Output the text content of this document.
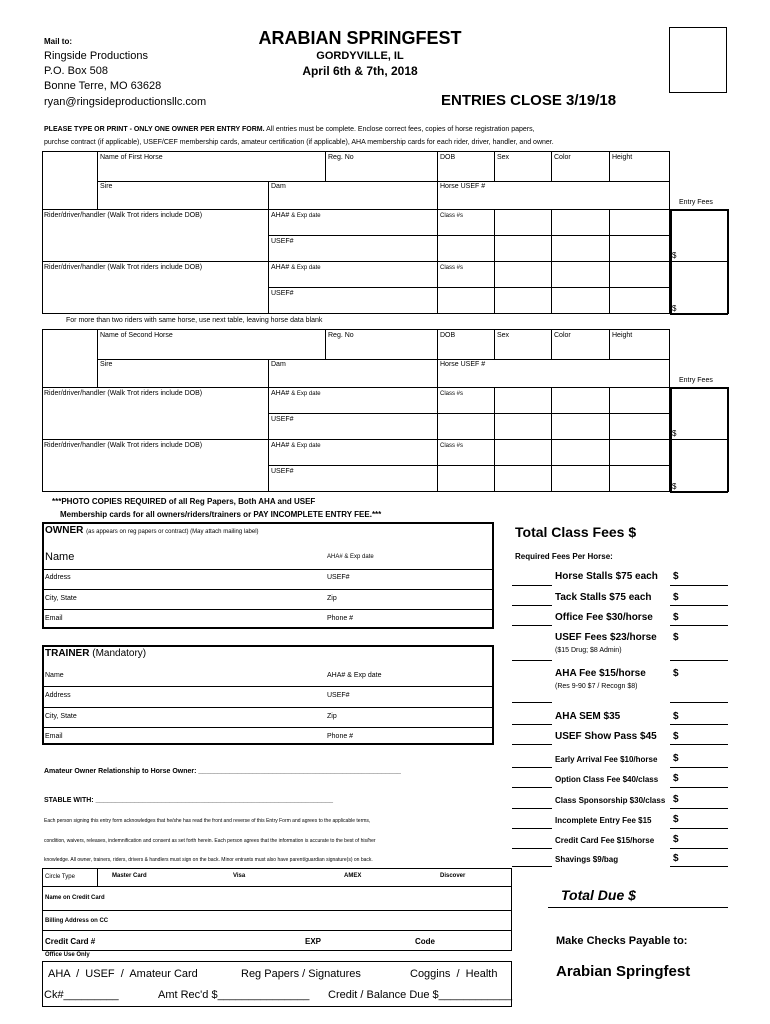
Mail to:
Ringside Productions
P.O. Box 508
Bonne Terre, MO 63628
ryan@ringsideproductionsllc.com
ARABIAN SPRINGFEST
GORDYVILLE, IL
April 6th & 7th, 2018
ENTRIES CLOSE 3/19/18
PLEASE TYPE OR PRINT - ONLY ONE OWNER PER ENTRY FORM. All entries must be complete. Enclose correct fees, copies of horse registration papers,
purchse contract (if applicable), USEF/CEF membership cards, amateur certification (if applicable), AHA membership cards for each rider, driver, handler, and owner.
Name of First Horse	Reg. No	DOB	Sex	Color	Height
Sire	Dam	Horse USEF #
Entry Fees
Rider/driver/handler (Walk Trot riders include DOB)	AHA# & Exp date	Class #s
USEF#
$
Rider/driver/handler (Walk Trot riders include DOB)	AHA# & Exp date	Class #s
USEF#
$
For more than two riders with same horse, use next table, leaving horse data blank
Name of Second Horse	Reg. No	DOB	Sex	Color	Height
Sire	Dam	Horse USEF #
Entry Fees
Rider/driver/handler (Walk Trot riders include DOB)	AHA# & Exp date	Class #s
USEF#
$
Rider/driver/handler (Walk Trot riders include DOB)	AHA# & Exp date	Class #s
USEF#
$
***PHOTO COPIES REQUIRED of all Reg Papers, Both AHA and USEF
Membership cards for all owners/riders/trainers or PAY INCOMPLETE ENTRY FEE.***
OWNER (as appears on reg papers or contract) (May attach mailing label)
Name	AHA# & Exp date
Address	USEF#
City, State	Zip
Email	Phone #
TRAINER (Mandatory)
Name	AHA# & Exp date
Address	USEF#
City, State	Zip
Email	Phone #
Amateur Owner Relationship to Horse Owner: ____________________________________________________
STABLE WITH: _____________________________________________________________
Each person signing this entry form acknowledges that he/she has read the front and reverse of this Entry Form and agrees to the applicable terms,
condition, waivers, releases, indemnification and consent as set forth herein. Each person agrees that the information is accurate to the best of his/her
knowledge. All owner, trainers, riders, drivers & handlers must sign on the back. Minor entrants must also have parent/guardian signature(s) on back.
Circle Type	Master Card	Visa	AMEX	Discover
Name on Credit Card
Billing Address on CC
Credit Card #	EXP	Code
Office Use Only
AHA  /  USEF  /  Amateur Card	Reg Papers / Signatures	Coggins  /  Health
Ck#_________	Amt Rec'd $_______________ Credit / Balance Due $____________
Total Class Fees $
Required Fees Per Horse:
Horse Stalls $75 each $
Tack Stalls $75 each $
Office Fee $30/horse $
USEF Fees $23/horse $
($15 Drug; $8 Admin)
AHA Fee $15/horse	$
(Res 9-90 $7 / Recogn $8)
AHA SEM $35	$
USEF Show Pass $45 $
Early Arrival Fee $10/horse $
Option Class Fee $40/class $
Class Sponsorship $30/class $
Incomplete Entry Fee $15 $
Credit Card Fee $15/horse $
Shavings $9/bag	$
Total Due $
Make Checks Payable to:
Arabian Springfest
